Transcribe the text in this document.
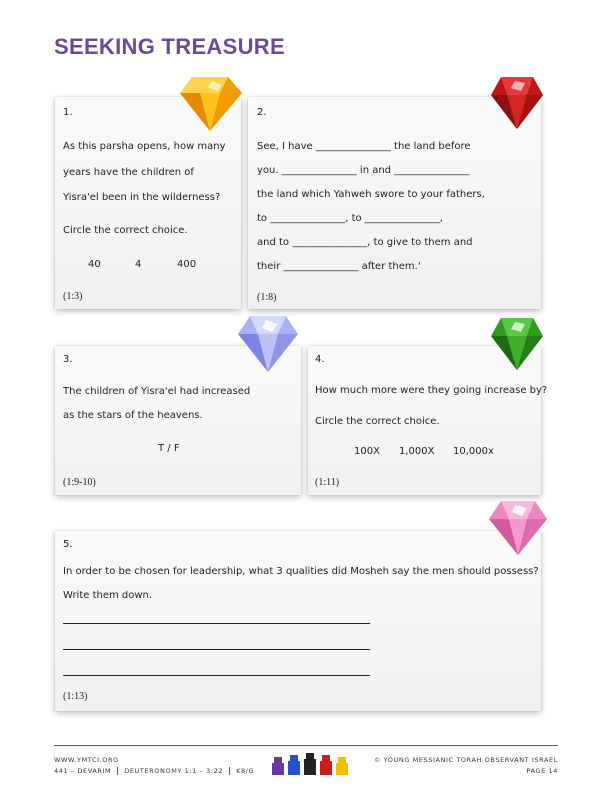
SEEKING TREASURE

1.

As this parsha opens, how many

years have the children of

Yisra'el been in the wilderness?

Circle the correct choice.

40	4	400

(1:3)

2.

See, I have _______________ the land before

you. _______________ in and _______________

the land which Yahweh swore to your fathers,

to _______________, to _______________,

and to _______________, to give to them and

their _______________ after them.'

(1:8)

3.

The children of Yisra'el had increased

as the stars of the heavens.

T / F

(1:9-10)

4.

How much more were they going increase by?

Circle the correct choice.

100X 1,000X 10,000x

(1:11)

5.

In order to be chosen for leadership, what 3 qualities did Mosheh say the men should possess?

Write them down.

(1:13)

WWW.YMTCI.ORG

441 – DEVARIM DEUTERONOMY 1:1 – 3:22 K8/G

© YOUNG MESSIANIC TORAH OBSERVANT ISRAEL

PAGE 14
